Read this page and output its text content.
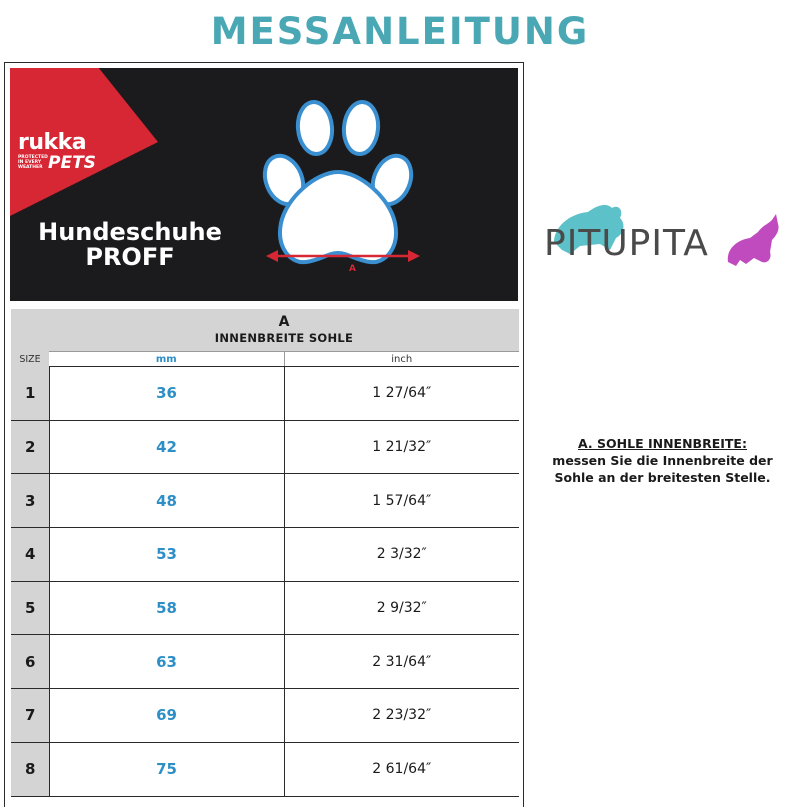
MESSANLEITUNG
rukka
PROTECTED IN EVERY WEATHER PETS
Hundeschuhe
PROFF	A

	A
INNENBREITE SOHLE	
SIZE	mm	inch
1	36	1 27/64″
2	42	1 21/32″
3	48	1 57/64″
4	53	2 3/32″
5	58	2 9/32″
6	63	2 31/64″
7	69	2 23/32″
8	75	2 61/64″
PITUPITA
A. SOHLE INNENBREITE:
messen Sie die Innenbreite der
Sohle an der breitesten Stelle.
